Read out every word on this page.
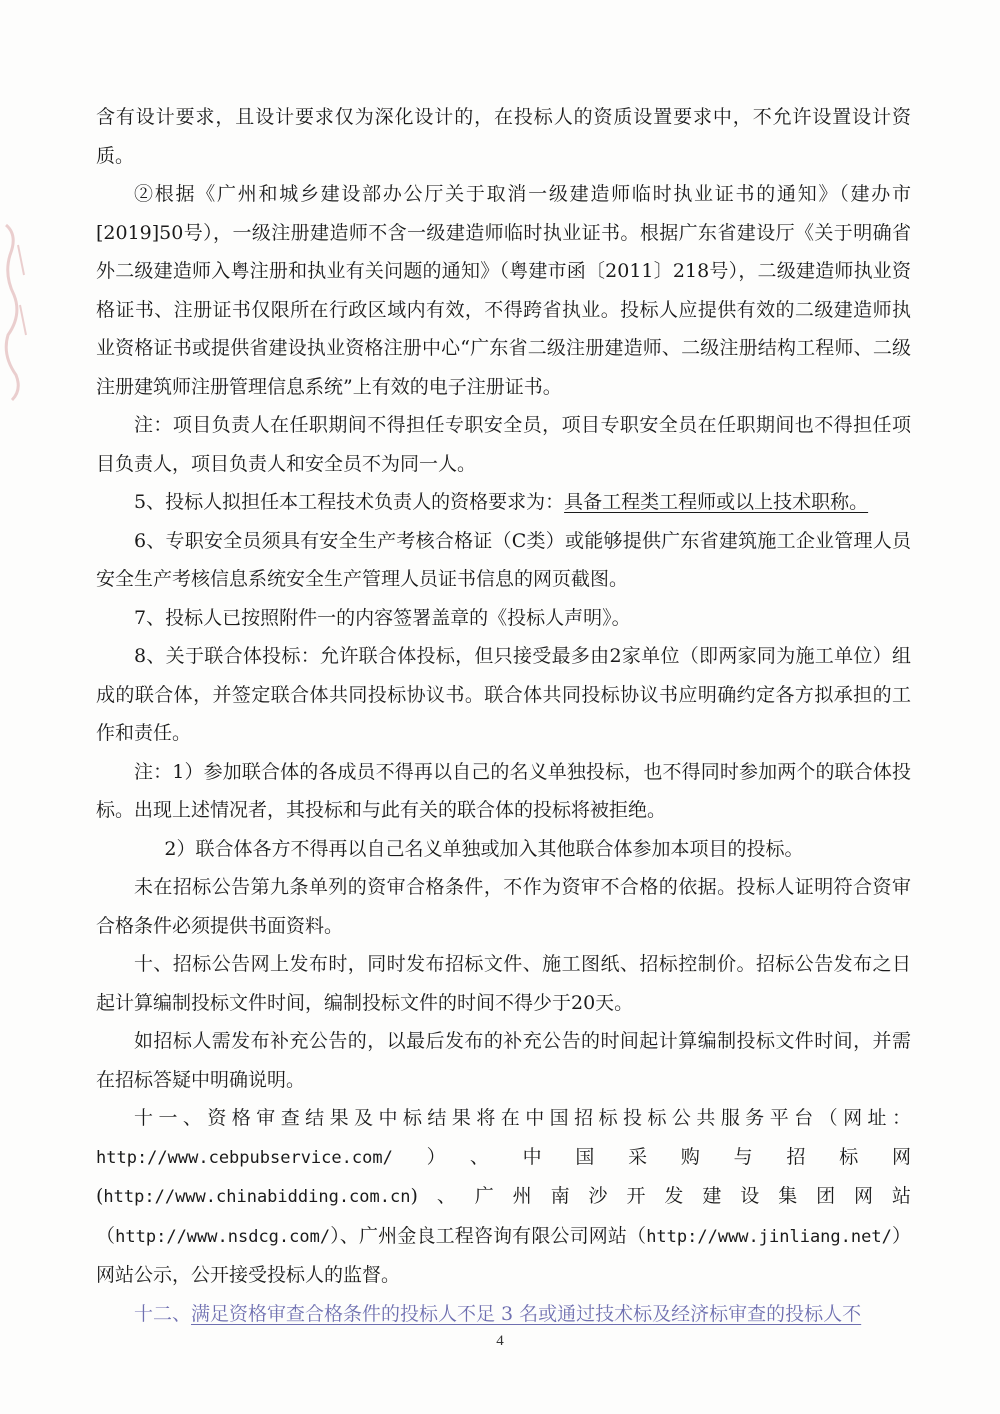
含有设计要求，且设计要求仅为深化设计的，在投标人的资质设置要求中，不允许设置设计资质。

②根据《广州和城乡建设部办公厅关于取消一级建造师临时执业证书的通知》（建办市[2019]50号），一级注册建造师不含一级建造师临时执业证书。根据广东省建设厅《关于明确省外二级建造师入粤注册和执业有关问题的通知》（粤建市函〔2011〕218号），二级建造师执业资格证书、注册证书仅限所在行政区域内有效，不得跨省执业。投标人应提供有效的二级建造师执业资格证书或提供省建设执业资格注册中心“广东省二级注册建造师、二级注册结构工程师、二级注册建筑师注册管理信息系统”上有效的电子注册证书。

注：项目负责人在任职期间不得担任专职安全员，项目专职安全员在任职期间也不得担任项目负责人，项目负责人和安全员不为同一人。

5、投标人拟担任本工程技术负责人的资格要求为：具备工程类工程师或以上技术职称。

6、专职安全员须具有安全生产考核合格证（C类）或能够提供广东省建筑施工企业管理人员安全生产考核信息系统安全生产管理人员证书信息的网页截图。

7、投标人已按照附件一的内容签署盖章的《投标人声明》。

8、关于联合体投标：允许联合体投标，但只接受最多由2家单位（即两家同为施工单位）组成的联合体，并签定联合体共同投标协议书。联合体共同投标协议书应明确约定各方拟承担的工作和责任。

注：1）参加联合体的各成员不得再以自己的名义单独投标，也不得同时参加两个的联合体投标。出现上述情况者，其投标和与此有关的联合体的投标将被拒绝。

2）联合体各方不得再以自己名义单独或加入其他联合体参加本项目的投标。

未在招标公告第九条单列的资审合格条件，不作为资审不合格的依据。投标人证明符合资审合格条件必须提供书面资料。

十、招标公告网上发布时，同时发布招标文件、施工图纸、招标控制价。招标公告发布之日起计算编制投标文件时间，编制投标文件的时间不得少于20天。

如招标人需发布补充公告的，以最后发布的补充公告的时间起计算编制投标文件时间，并需在招标答疑中明确说明。

十一、资格审查结果及中标结果将在中国招标投标公共服务平台（网址：http://www.cebpubservice.com/）、中国采购与招标网(http://www.chinabidding.com.cn)、广州南沙开发建设集团网站（http://www.nsdcg.com/）、广州金良工程咨询有限公司网站（http://www.jinliang.net/）网站公示，公开接受投标人的监督。

十二、满足资格审查合格条件的投标人不足 3 名或通过技术标及经济标审查的投标人不

4
